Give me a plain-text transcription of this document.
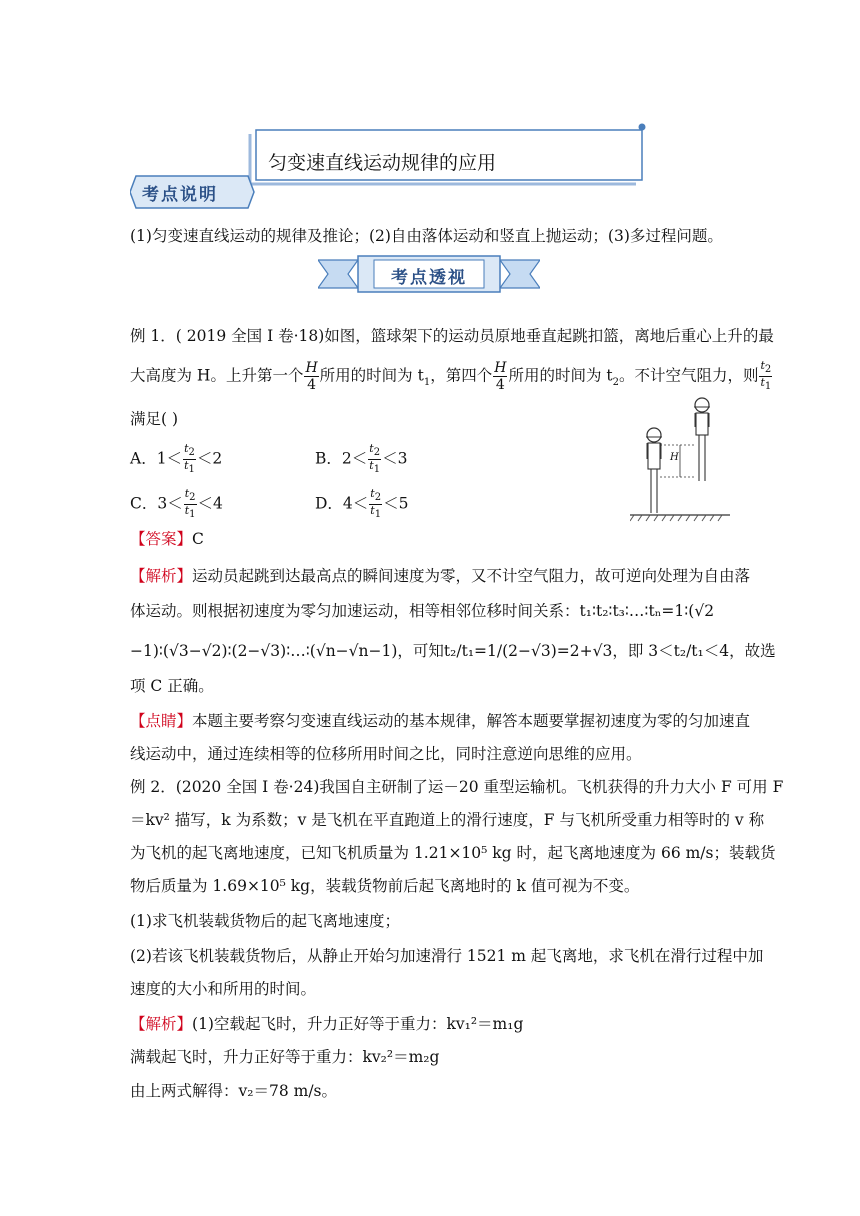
匀变速直线运动规律的应用
考点说明
(1)匀变速直线运动的规律及推论；(2)自由落体运动和竖直上抛运动；(3)多过程问题。
考点透视
例 1．( 2019 全国 I 卷·18)如图，篮球架下的运动员原地垂直起跳扣篮，离地后重心上升的最
大高度为 H。上升第一个 $\frac{H}{4}$ 所用的时间为 $t_1$，第四个 $\frac{H}{4}$ 所用的时间为 $t_2$。不计空气阻力，则 $\frac{t_2}{t_1}$
满足( )
A．$1< \frac{t_2}{t_1} <2$	B．$2< \frac{t_2}{t_1} <3$
C．$3< \frac{t_2}{t_1} <4$	D．$4< \frac{t_2}{t_1} <5$
H
【答案】C
【解析】运动员起跳到达最高点的瞬间速度为零，又不计空气阻力，故可逆向处理为自由落
体运动。则根据初速度为零匀加速运动，相等相邻位移时间关系：t₁∶t₂∶t₃∶…∶tₙ=1∶(√2
−1)∶(√3−√2)∶(2−√3)∶…∶(√n−√n−1)，可知t₂/t₁=1/(2−√3)=2+√3，即 3＜t₂/t₁＜4，故选
项 C 正确。
【点睛】本题主要考察匀变速直线运动的基本规律，解答本题要掌握初速度为零的匀加速直
线运动中，通过连续相等的位移所用时间之比，同时注意逆向思维的应用。
例 2．(2020 全国 I 卷·24)我国自主研制了运－20 重型运输机。飞机获得的升力大小 F 可用 F
＝kv² 描写，k 为系数；v 是飞机在平直跑道上的滑行速度，F 与飞机所受重力相等时的 v 称
为飞机的起飞离地速度，已知飞机质量为 1.21×10⁵ kg 时，起飞离地速度为 66 m/s；装载货
物后质量为 1.69×10⁵ kg，装载货物前后起飞离地时的 k 值可视为不变。
(1)求飞机装载货物后的起飞离地速度；
(2)若该飞机装载货物后，从静止开始匀加速滑行 1521 m 起飞离地，求飞机在滑行过程中加
速度的大小和所用的时间。
【解析】(1)空载起飞时，升力正好等于重力：kv₁²＝m₁g
满载起飞时，升力正好等于重力：kv₂²＝m₂g
由上两式解得：v₂＝78 m/s。
